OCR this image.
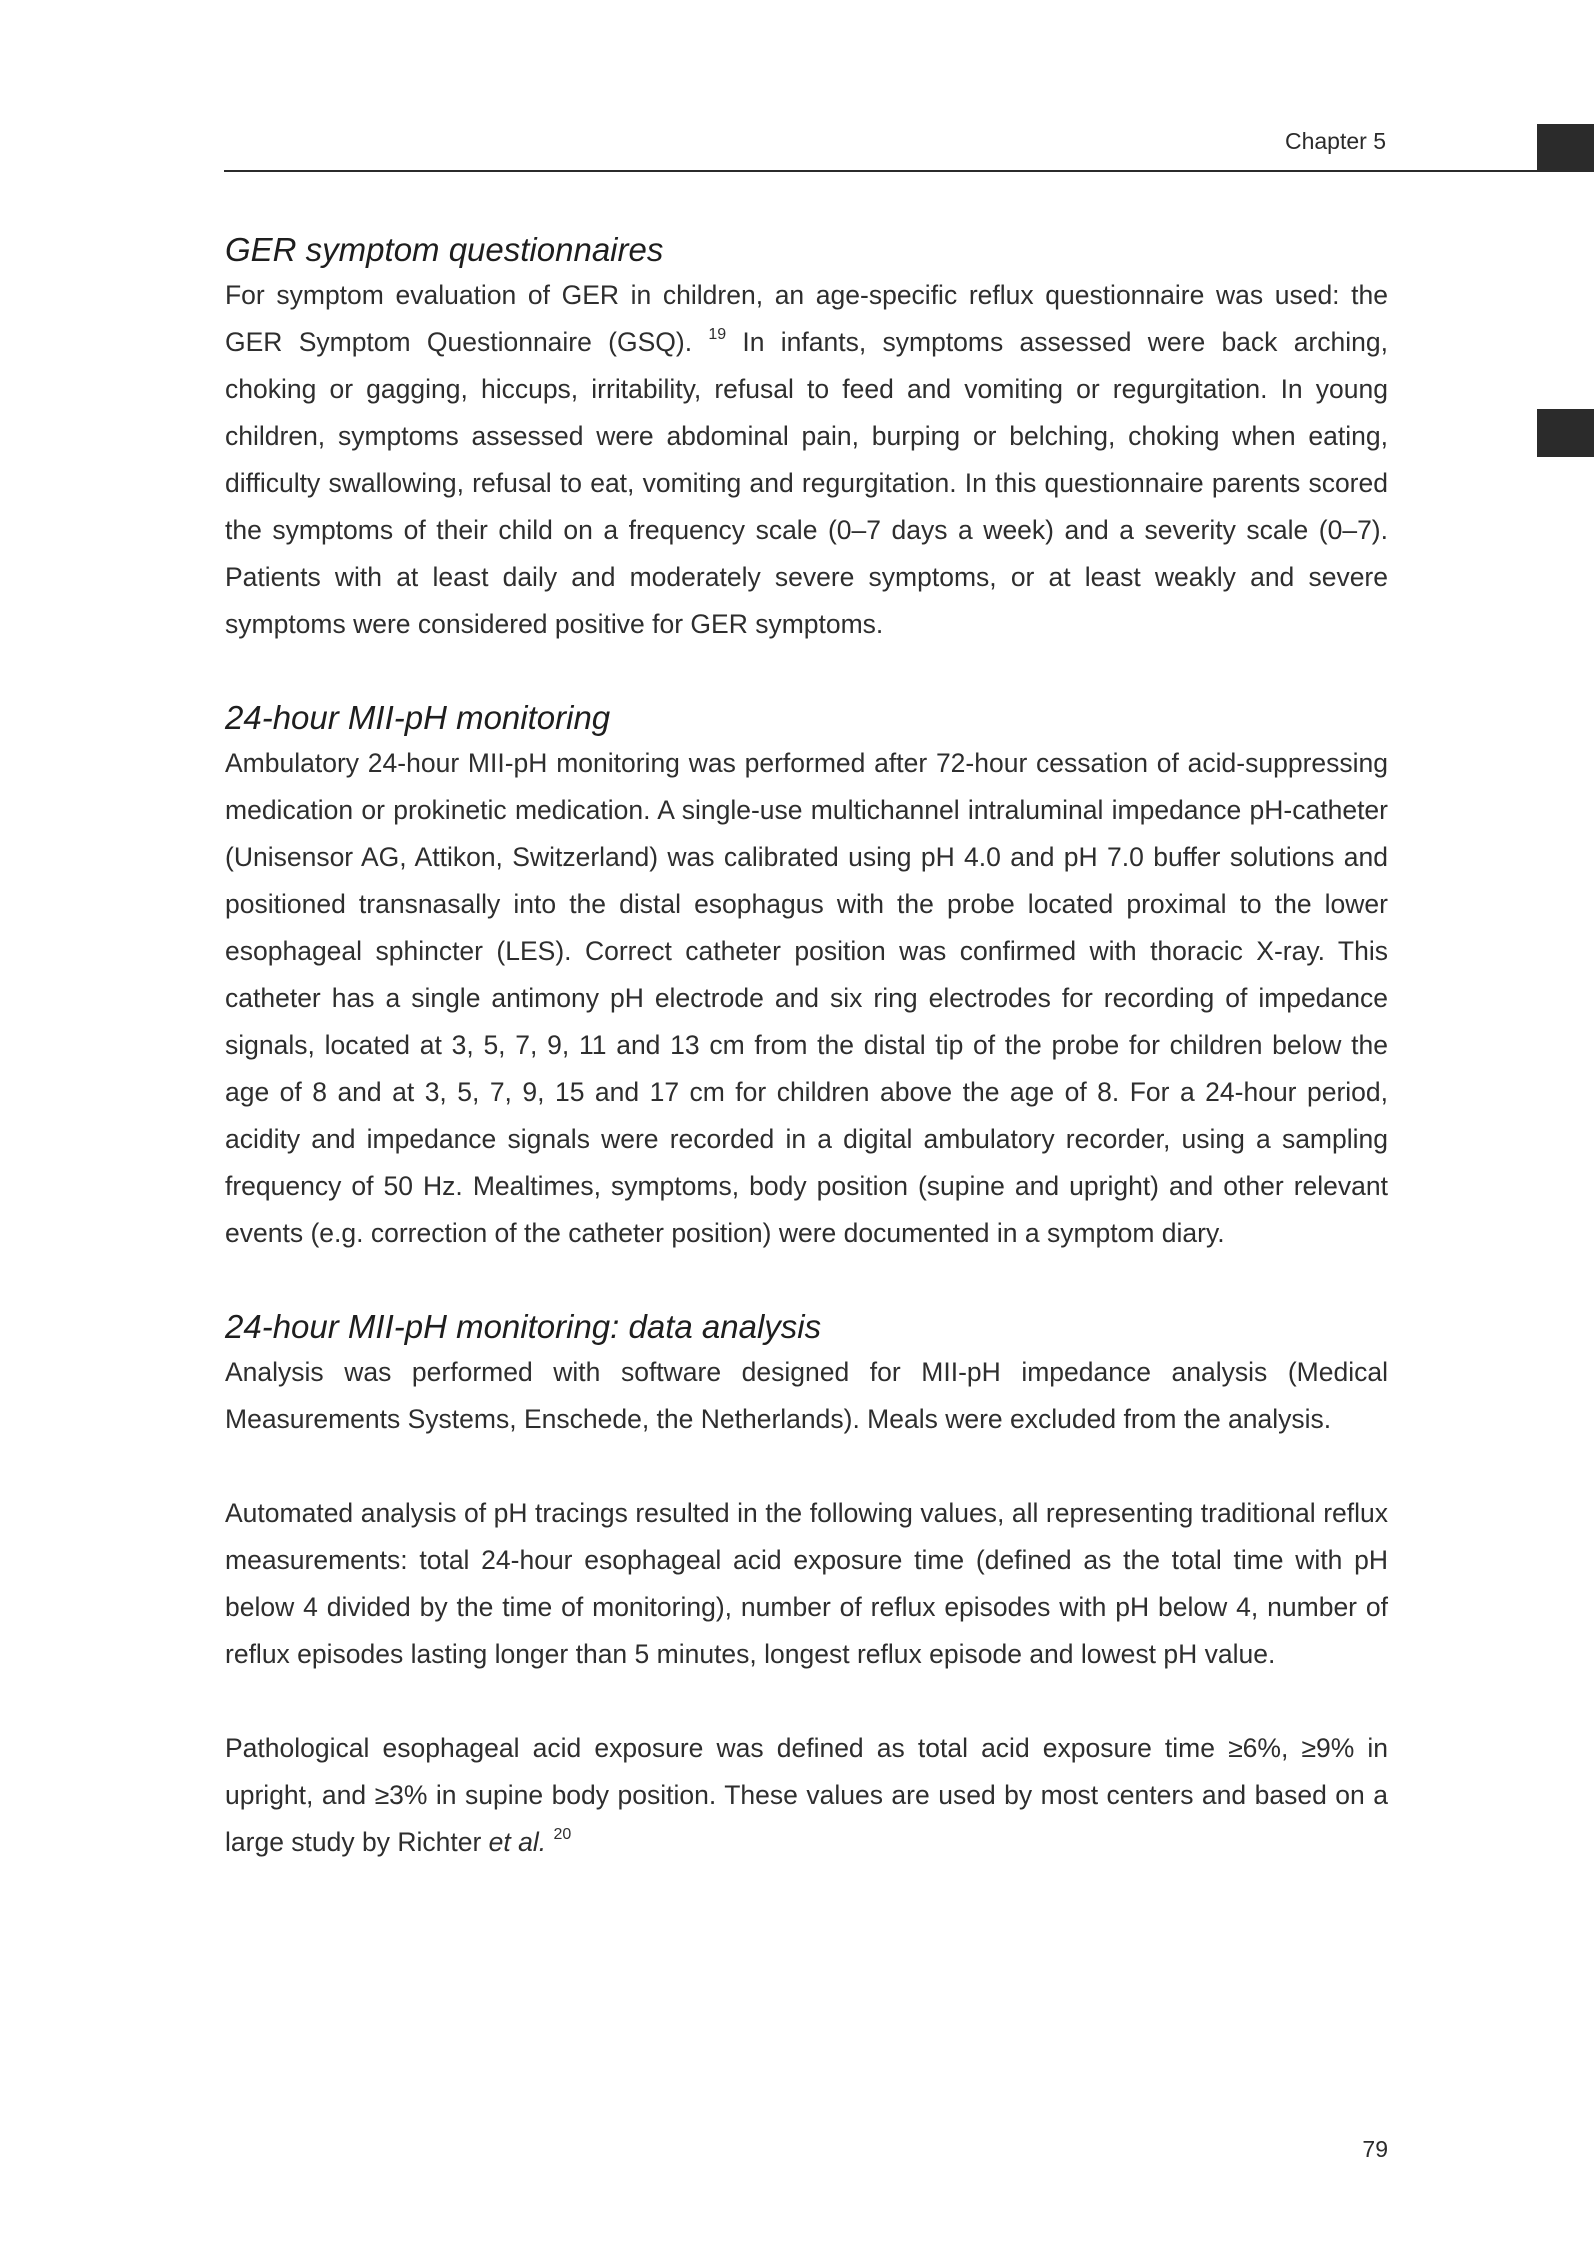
Chapter 5
GER symptom questionnaires

For symptom evaluation of GER in children, an age-specific reflux questionnaire was used: the GER Symptom Questionnaire (GSQ). $^{19}$ In infants, symptoms assessed were back arching, choking or gagging, hiccups, irritability, refusal to feed and vomiting or regurgitation. In young children, symptoms assessed were abdominal pain, burping or belching, choking when eating, difficulty swallowing, refusal to eat, vomiting and regurgitation. In this questionnaire parents scored the symptoms of their child on a frequency scale (0–7 days a week) and a severity scale (0–7). Patients with at least daily and moderately severe symptoms, or at least weakly and severe symptoms were considered positive for GER symptoms.

24-hour MII-pH monitoring

Ambulatory 24-hour MII-pH monitoring was performed after 72-hour cessation of acid-suppressing medication or prokinetic medication. A single-use multichannel intraluminal impedance pH-catheter (Unisensor AG, Attikon, Switzerland) was calibrated using pH 4.0 and pH 7.0 buffer solutions and positioned transnasally into the distal esophagus with the probe located proximal to the lower esophageal sphincter (LES). Correct catheter position was confirmed with thoracic X-ray. This catheter has a single antimony pH electrode and six ring electrodes for recording of impedance signals, located at 3, 5, 7, 9, 11 and 13 cm from the distal tip of the probe for children below the age of 8 and at 3, 5, 7, 9, 15 and 17 cm for children above the age of 8. For a 24-hour period, acidity and impedance signals were recorded in a digital ambulatory recorder, using a sampling frequency of 50 Hz. Mealtimes, symptoms, body position (supine and upright) and other relevant events (e.g. correction of the catheter position) were documented in a symptom diary.

24-hour MII-pH monitoring: data analysis

Analysis was performed with software designed for MII-pH impedance analysis (Medical Measurements Systems, Enschede, the Netherlands). Meals were excluded from the analysis.

Automated analysis of pH tracings resulted in the following values, all representing traditional reflux measurements: total 24-hour esophageal acid exposure time (defined as the total time with pH below 4 divided by the time of monitoring), number of reflux episodes with pH below 4, number of reflux episodes lasting longer than 5 minutes, longest reflux episode and lowest pH value.

Pathological esophageal acid exposure was defined as total acid exposure time ≥6%, ≥9% in upright, and ≥3% in supine body position. These values are used by most centers and based on a large study by Richter et al. $^{20}$

79
